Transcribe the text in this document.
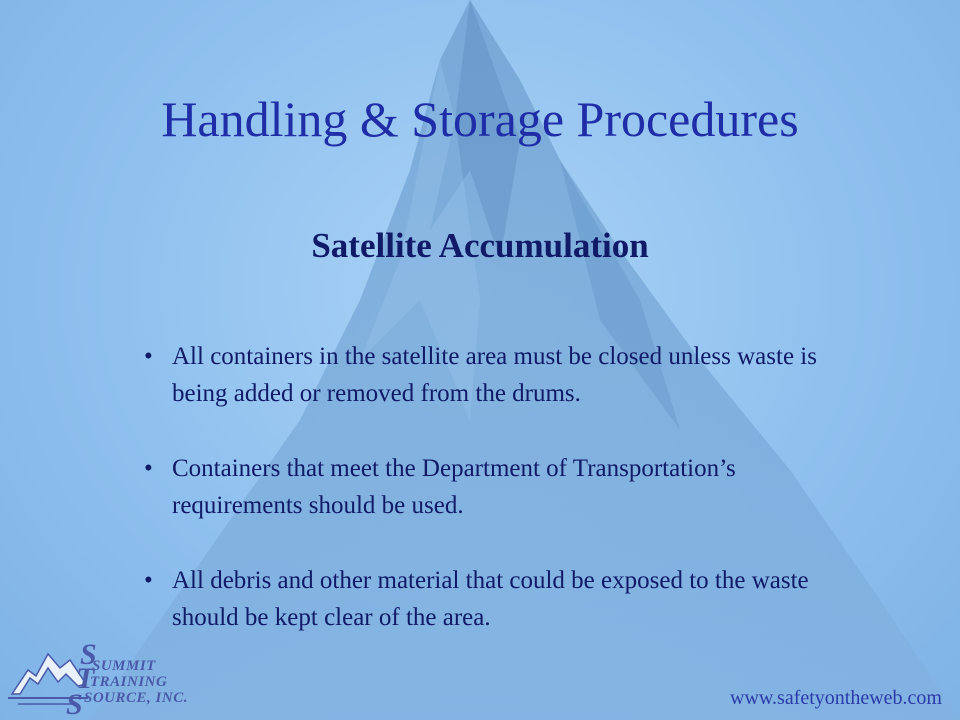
Handling & Storage Procedures
Satellite Accumulation
• All containers in the satellite area must be closed unless waste is being added or removed from the drums.
• Containers that meet the Department of Transportation’s requirements should be used.
• All debris and other material that could be exposed to the waste should be kept clear of the area.
S
T
S
SUMMIT
TRAINING
SOURCE, INC.	www.safetyontheweb.com
